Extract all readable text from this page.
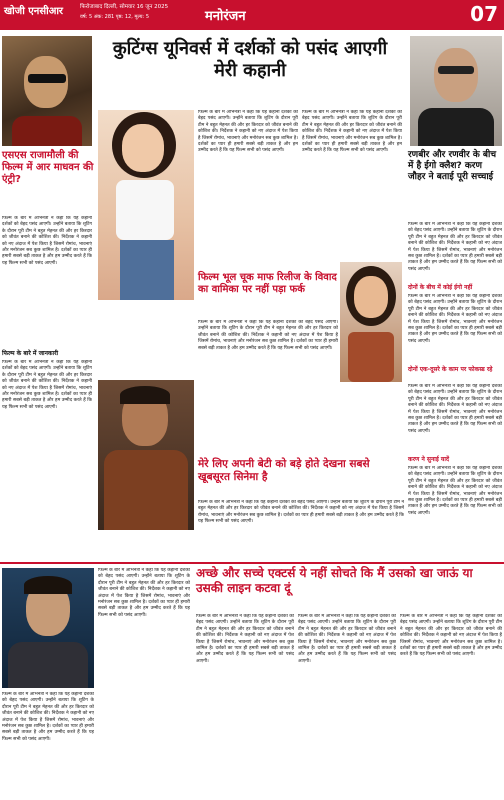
खोजी एनसीआर	फिरोजाबाद दिल्ली, सोमवार 16 जून 2025
वर्ष: 5 अंक: 281 पृष्ठ: 12, मूल्य: 5	मनोरंजन	07
एसएस राजामौली की फिल्म में आर माधवन की एंट्री?
फिल्म के बारे में अभिनेत्री ने कहा कि यह कहानी दर्शकों को बेहद पसंद आएगी। उन्होंने बताया कि शूटिंग के दौरान पूरी टीम ने बहुत मेहनत की और हर किरदार को जीवंत बनाने की कोशिश की। निर्देशक ने कहानी को नए अंदाज में पेश किया है जिसमें रोमांच, भावनाएं और मनोरंजन सब कुछ शामिल है। दर्शकों का प्यार ही हमारी सबसे बड़ी ताकत है और हम उम्मीद करते हैं कि यह फिल्म सभी को पसंद आएगी।
फिल्म के बारे में जानकारी
फिल्म के बारे में अभिनेत्री ने कहा कि यह कहानी दर्शकों को बेहद पसंद आएगी। उन्होंने बताया कि शूटिंग के दौरान पूरी टीम ने बहुत मेहनत की और हर किरदार को जीवंत बनाने की कोशिश की। निर्देशक ने कहानी को नए अंदाज में पेश किया है जिसमें रोमांच, भावनाएं और मनोरंजन सब कुछ शामिल है। दर्शकों का प्यार ही हमारी सबसे बड़ी ताकत है और हम उम्मीद करते हैं कि यह फिल्म सभी को पसंद आएगी।
कुटिंग्स यूनिवर्स में दर्शकों को पसंद आएगी मेरी कहानी
फिल्म के बारे में अभिनेत्री ने कहा कि यह कहानी दर्शकों को बेहद पसंद आएगी। उन्होंने बताया कि शूटिंग के दौरान पूरी टीम ने बहुत मेहनत की और हर किरदार को जीवंत बनाने की कोशिश की। निर्देशक ने कहानी को नए अंदाज में पेश किया है जिसमें रोमांच, भावनाएं और मनोरंजन सब कुछ शामिल है। दर्शकों का प्यार ही हमारी सबसे बड़ी ताकत है और हम उम्मीद करते हैं कि यह फिल्म सभी को पसंद आएगी।
फिल्म के बारे में अभिनेत्री ने कहा कि यह कहानी दर्शकों को बेहद पसंद आएगी। उन्होंने बताया कि शूटिंग के दौरान पूरी टीम ने बहुत मेहनत की और हर किरदार को जीवंत बनाने की कोशिश की। निर्देशक ने कहानी को नए अंदाज में पेश किया है जिसमें रोमांच, भावनाएं और मनोरंजन सब कुछ शामिल है। दर्शकों का प्यार ही हमारी सबसे बड़ी ताकत है और हम उम्मीद करते हैं कि यह फिल्म सभी को पसंद आएगी।
फिल्म भूल चूक माफ रिलीज के विवाद का वामिका पर नहीं पड़ा फर्क
फिल्म के बारे में अभिनेत्री ने कहा कि यह कहानी दर्शकों को बेहद पसंद आएगी। उन्होंने बताया कि शूटिंग के दौरान पूरी टीम ने बहुत मेहनत की और हर किरदार को जीवंत बनाने की कोशिश की। निर्देशक ने कहानी को नए अंदाज में पेश किया है जिसमें रोमांच, भावनाएं और मनोरंजन सब कुछ शामिल है। दर्शकों का प्यार ही हमारी सबसे बड़ी ताकत है और हम उम्मीद करते हैं कि यह फिल्म सभी को पसंद आएगी।
मेरे लिए अपनी बेटी को बड़े होते देखना सबसे खूबसूरत सिनेमा है
फिल्म के बारे में अभिनेत्री ने कहा कि यह कहानी दर्शकों को बेहद पसंद आएगी। उन्होंने बताया कि शूटिंग के दौरान पूरी टीम ने बहुत मेहनत की और हर किरदार को जीवंत बनाने की कोशिश की। निर्देशक ने कहानी को नए अंदाज में पेश किया है जिसमें रोमांच, भावनाएं और मनोरंजन सब कुछ शामिल है। दर्शकों का प्यार ही हमारी सबसे बड़ी ताकत है और हम उम्मीद करते हैं कि यह फिल्म सभी को पसंद आएगी।
रणबीर और रणवीर के बीच में है ईगो क्लैश? करण जौहर ने बताई पूरी सच्चाई
फिल्म के बारे में अभिनेत्री ने कहा कि यह कहानी दर्शकों को बेहद पसंद आएगी। उन्होंने बताया कि शूटिंग के दौरान पूरी टीम ने बहुत मेहनत की और हर किरदार को जीवंत बनाने की कोशिश की। निर्देशक ने कहानी को नए अंदाज में पेश किया है जिसमें रोमांच, भावनाएं और मनोरंजन सब कुछ शामिल है। दर्शकों का प्यार ही हमारी सबसे बड़ी ताकत है और हम उम्मीद करते हैं कि यह फिल्म सभी को पसंद आएगी।
दोनों के बीच में कोई ईगो नहीं
फिल्म के बारे में अभिनेत्री ने कहा कि यह कहानी दर्शकों को बेहद पसंद आएगी। उन्होंने बताया कि शूटिंग के दौरान पूरी टीम ने बहुत मेहनत की और हर किरदार को जीवंत बनाने की कोशिश की। निर्देशक ने कहानी को नए अंदाज में पेश किया है जिसमें रोमांच, भावनाएं और मनोरंजन सब कुछ शामिल है। दर्शकों का प्यार ही हमारी सबसे बड़ी ताकत है और हम उम्मीद करते हैं कि यह फिल्म सभी को पसंद आएगी।
दोनों एक-दूसरे के काम पर फोकस्ड रहे
फिल्म के बारे में अभिनेत्री ने कहा कि यह कहानी दर्शकों को बेहद पसंद आएगी। उन्होंने बताया कि शूटिंग के दौरान पूरी टीम ने बहुत मेहनत की और हर किरदार को जीवंत बनाने की कोशिश की। निर्देशक ने कहानी को नए अंदाज में पेश किया है जिसमें रोमांच, भावनाएं और मनोरंजन सब कुछ शामिल है। दर्शकों का प्यार ही हमारी सबसे बड़ी ताकत है और हम उम्मीद करते हैं कि यह फिल्म सभी को पसंद आएगी।
करण ने सुनाई यादें
फिल्म के बारे में अभिनेत्री ने कहा कि यह कहानी दर्शकों को बेहद पसंद आएगी। उन्होंने बताया कि शूटिंग के दौरान पूरी टीम ने बहुत मेहनत की और हर किरदार को जीवंत बनाने की कोशिश की। निर्देशक ने कहानी को नए अंदाज में पेश किया है जिसमें रोमांच, भावनाएं और मनोरंजन सब कुछ शामिल है। दर्शकों का प्यार ही हमारी सबसे बड़ी ताकत है और हम उम्मीद करते हैं कि यह फिल्म सभी को पसंद आएगी।
फिल्म के बारे में अभिनेत्री ने कहा कि यह कहानी दर्शकों को बेहद पसंद आएगी। उन्होंने बताया कि शूटिंग के दौरान पूरी टीम ने बहुत मेहनत की और हर किरदार को जीवंत बनाने की कोशिश की। निर्देशक ने कहानी को नए अंदाज में पेश किया है जिसमें रोमांच, भावनाएं और मनोरंजन सब कुछ शामिल है। दर्शकों का प्यार ही हमारी सबसे बड़ी ताकत है और हम उम्मीद करते हैं कि यह फिल्म सभी को पसंद आएगी।
अच्छे और सच्चे एक्टर्स ये नहीं सोचते कि मैं उसको खा जाऊं या उसकी लाइन कटवा दूं
फिल्म के बारे में अभिनेत्री ने कहा कि यह कहानी दर्शकों को बेहद पसंद आएगी। उन्होंने बताया कि शूटिंग के दौरान पूरी टीम ने बहुत मेहनत की और हर किरदार को जीवंत बनाने की कोशिश की। निर्देशक ने कहानी को नए अंदाज में पेश किया है जिसमें रोमांच, भावनाएं और मनोरंजन सब कुछ शामिल है। दर्शकों का प्यार ही हमारी सबसे बड़ी ताकत है और हम उम्मीद करते हैं कि यह फिल्म सभी को पसंद आएगी।
फिल्म के बारे में अभिनेत्री ने कहा कि यह कहानी दर्शकों को बेहद पसंद आएगी। उन्होंने बताया कि शूटिंग के दौरान पूरी टीम ने बहुत मेहनत की और हर किरदार को जीवंत बनाने की कोशिश की। निर्देशक ने कहानी को नए अंदाज में पेश किया है जिसमें रोमांच, भावनाएं और मनोरंजन सब कुछ शामिल है। दर्शकों का प्यार ही हमारी सबसे बड़ी ताकत है और हम उम्मीद करते हैं कि यह फिल्म सभी को पसंद आएगी।
फिल्म के बारे में अभिनेत्री ने कहा कि यह कहानी दर्शकों को बेहद पसंद आएगी। उन्होंने बताया कि शूटिंग के दौरान पूरी टीम ने बहुत मेहनत की और हर किरदार को जीवंत बनाने की कोशिश की। निर्देशक ने कहानी को नए अंदाज में पेश किया है जिसमें रोमांच, भावनाएं और मनोरंजन सब कुछ शामिल है। दर्शकों का प्यार ही हमारी सबसे बड़ी ताकत है और हम उम्मीद करते हैं कि यह फिल्म सभी को पसंद आएगी।
फिल्म के बारे में अभिनेत्री ने कहा कि यह कहानी दर्शकों को बेहद पसंद आएगी। उन्होंने बताया कि शूटिंग के दौरान पूरी टीम ने बहुत मेहनत की और हर किरदार को जीवंत बनाने की कोशिश की। निर्देशक ने कहानी को नए अंदाज में पेश किया है जिसमें रोमांच, भावनाएं और मनोरंजन सब कुछ शामिल है। दर्शकों का प्यार ही हमारी सबसे बड़ी ताकत है और हम उम्मीद करते हैं कि यह फिल्म सभी को पसंद आएगी।
